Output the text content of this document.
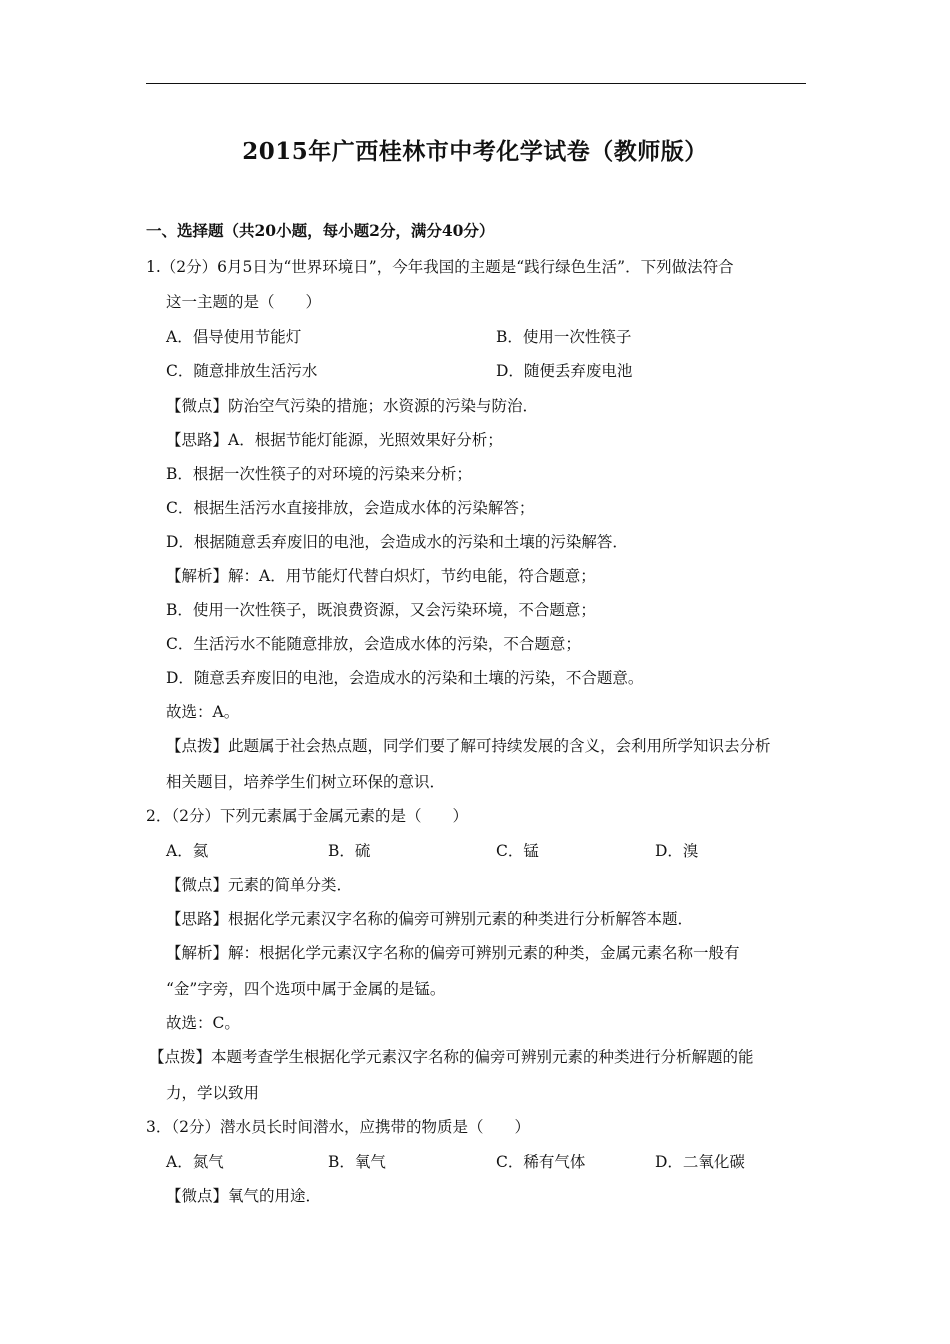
2015年广西桂林市中考化学试卷（教师版）
一、选择题（共20小题，每小题2分，满分40分）
1.（2分）6月5日为“世界环境日”，今年我国的主题是“践行绿色生活”．下列做法符合
这一主题的是（　　）
A．倡导使用节能灯	B．使用一次性筷子
C．随意排放生活污水	D．随便丢弃废电池
【微点】防治空气污染的措施；水资源的污染与防治．
【思路】A．根据节能灯能源，光照效果好分析；
B．根据一次性筷子的对环境的污染来分析；
C．根据生活污水直接排放，会造成水体的污染解答；
D．根据随意丢弃废旧的电池，会造成水的污染和土壤的污染解答．
【解析】解：A．用节能灯代替白炽灯，节约电能，符合题意；
B．使用一次性筷子，既浪费资源，又会污染环境，不合题意；
C．生活污水不能随意排放，会造成水体的污染，不合题意；
D．随意丢弃废旧的电池，会造成水的污染和土壤的污染，不合题意。
故选：A。
【点拨】此题属于社会热点题，同学们要了解可持续发展的含义，会利用所学知识去分析
相关题目，培养学生们树立环保的意识．
2．（2分）下列元素属于金属元素的是（　　）
A．氦	B．硫	C．锰	D．溴
【微点】元素的简单分类．
【思路】根据化学元素汉字名称的偏旁可辨别元素的种类进行分析解答本题．
【解析】解：根据化学元素汉字名称的偏旁可辨别元素的种类，金属元素名称一般有
“金”字旁，四个选项中属于金属的是锰。
故选：C。
【点拨】本题考查学生根据化学元素汉字名称的偏旁可辨别元素的种类进行分析解题的能
力，学以致用
3．（2分）潜水员长时间潜水，应携带的物质是（　　）
A．氮气	B．氧气	C．稀有气体	D．二氧化碳
【微点】氧气的用途．
